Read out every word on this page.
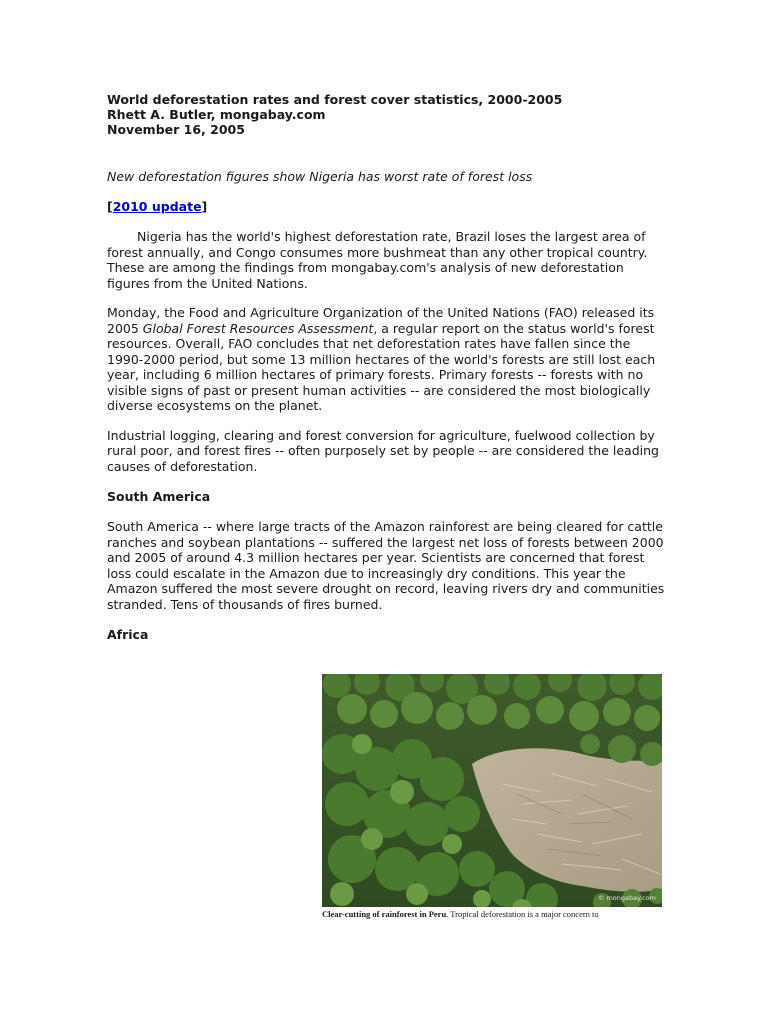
World deforestation rates and forest cover statistics, 2000-2005
Rhett A. Butler, mongabay.com
November 16, 2005
New deforestation figures show Nigeria has worst rate of forest loss
[2010 update]

Nigeria has the world's highest deforestation rate, Brazil loses the largest area of forest annually, and Congo consumes more bushmeat than any other tropical country. These are among the findings from mongabay.com's analysis of new deforestation figures from the United Nations.

Monday, the Food and Agriculture Organization of the United Nations (FAO) released its 2005 Global Forest Resources Assessment, a regular report on the status world's forest resources. Overall, FAO concludes that net deforestation rates have fallen since the 1990-2000 period, but some 13 million hectares of the world's forests are still lost each year, including 6 million hectares of primary forests. Primary forests -- forests with no visible signs of past or present human activities -- are considered the most biologically diverse ecosystems on the planet.

Industrial logging, clearing and forest conversion for agriculture, fuelwood collection by rural poor, and forest fires -- often purposely set by people -- are considered the leading causes of deforestation.

South America

South America -- where large tracts of the Amazon rainforest are being cleared for cattle ranches and soybean plantations -- suffered the largest net loss of forests between 2000 and 2005 of around 4.3 million hectares per year. Scientists are concerned that forest loss could escalate in the Amazon due to increasingly dry conditions. This year the Amazon suffered the most severe drought on record, leaving rivers dry and communities stranded. Tens of thousands of fires burned.

Africa
© mongabay.com
Clear-cutting of rainforest in Peru. Tropical deforestation is a major concern to
